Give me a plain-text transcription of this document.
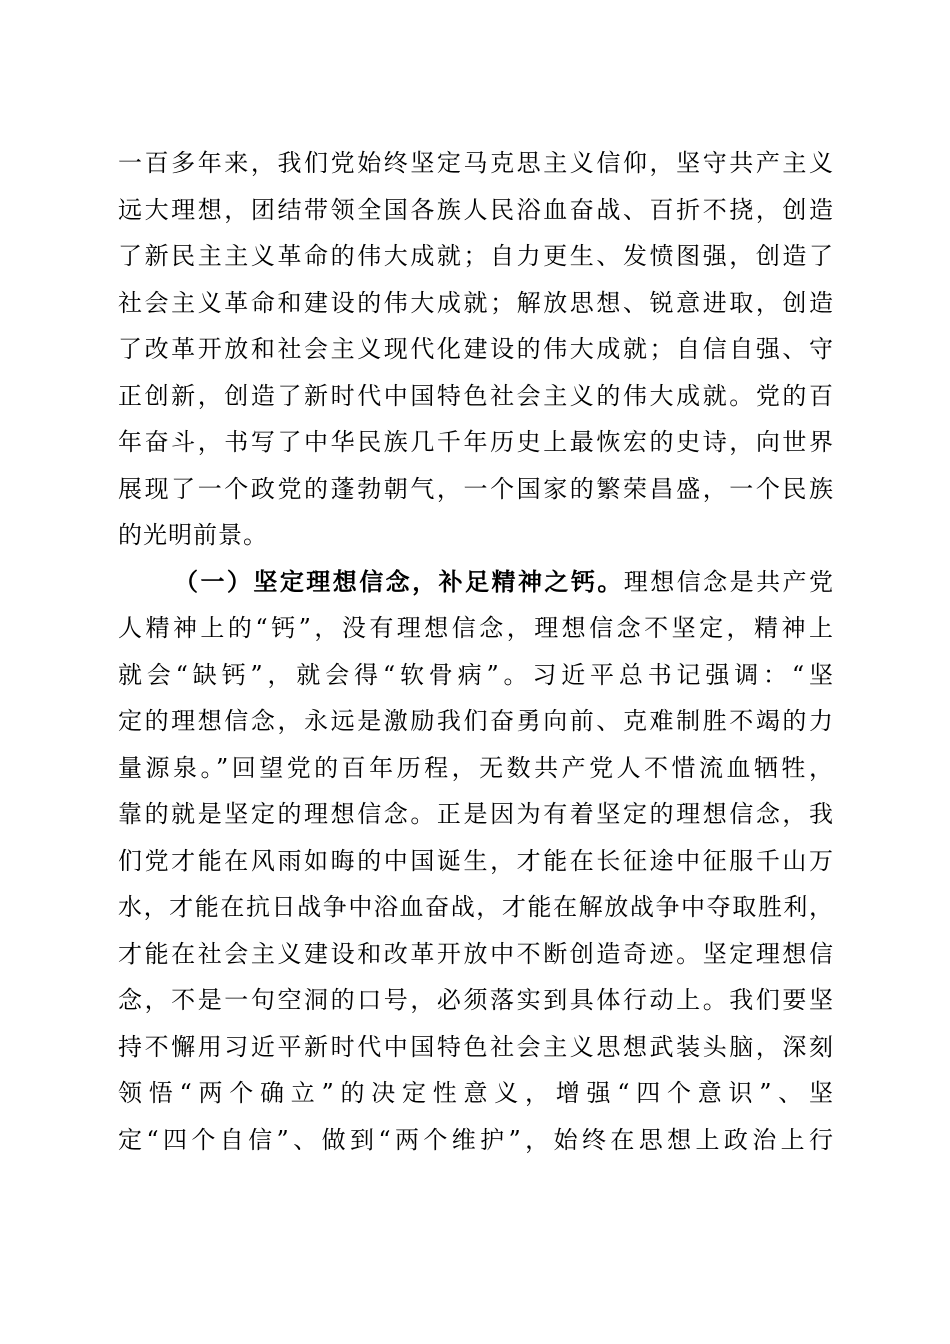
一百多年来，我们党始终坚定马克思主义信仰，坚守共产主义
远大理想，团结带领全国各族人民浴血奋战、百折不挠，创造
了新民主主义革命的伟大成就；自力更生、发愤图强，创造了
社会主义革命和建设的伟大成就；解放思想、锐意进取，创造
了改革开放和社会主义现代化建设的伟大成就；自信自强、守
正创新，创造了新时代中国特色社会主义的伟大成就。党的百
年奋斗，书写了中华民族几千年历史上最恢宏的史诗，向世界
展现了一个政党的蓬勃朝气，一个国家的繁荣昌盛，一个民族
的光明前景。
（一）坚定理想信念，补足精神之钙。理想信念是共产党
人精神上的“钙”，没有理想信念，理想信念不坚定，精神上
就会“缺钙”，就会得“软骨病”。习近平总书记强调：“坚
定的理想信念，永远是激励我们奋勇向前、克难制胜不竭的力
量源泉。”回望党的百年历程，无数共产党人不惜流血牺牲，
靠的就是坚定的理想信念。正是因为有着坚定的理想信念，我
们党才能在风雨如晦的中国诞生，才能在长征途中征服千山万
水，才能在抗日战争中浴血奋战，才能在解放战争中夺取胜利，
才能在社会主义建设和改革开放中不断创造奇迹。坚定理想信
念，不是一句空洞的口号，必须落实到具体行动上。我们要坚
持不懈用习近平新时代中国特色社会主义思想武装头脑，深刻
领悟“两个确立”的决定性意义，增强“四个意识”、坚
定“四个自信”、做到“两个维护”，始终在思想上政治上行
